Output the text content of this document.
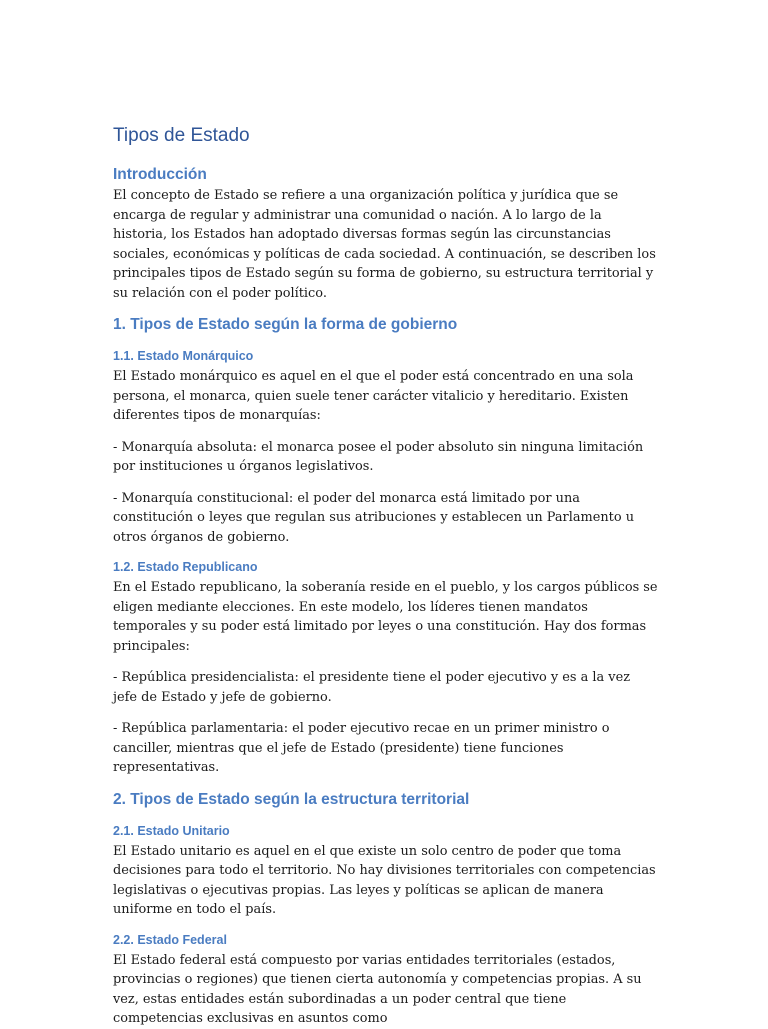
Tipos de Estado
Introducción

El concepto de Estado se refiere a una organización política y jurídica que se encarga de regular y administrar una comunidad o nación. A lo largo de la historia, los Estados han adoptado diversas formas según las circunstancias sociales, económicas y políticas de cada sociedad. A continuación, se describen los principales tipos de Estado según su forma de gobierno, su estructura territorial y su relación con el poder político.

1. Tipos de Estado según la forma de gobierno
1.1. Estado Monárquico

El Estado monárquico es aquel en el que el poder está concentrado en una sola persona, el monarca, quien suele tener carácter vitalicio y hereditario. Existen diferentes tipos de monarquías:

- Monarquía absoluta: el monarca posee el poder absoluto sin ninguna limitación por instituciones u órganos legislativos.

- Monarquía constitucional: el poder del monarca está limitado por una constitución o leyes que regulan sus atribuciones y establecen un Parlamento u otros órganos de gobierno.

1.2. Estado Republicano

En el Estado republicano, la soberanía reside en el pueblo, y los cargos públicos se eligen mediante elecciones. En este modelo, los líderes tienen mandatos temporales y su poder está limitado por leyes o una constitución. Hay dos formas principales:

- República presidencialista: el presidente tiene el poder ejecutivo y es a la vez jefe de Estado y jefe de gobierno.

- República parlamentaria: el poder ejecutivo recae en un primer ministro o canciller, mientras que el jefe de Estado (presidente) tiene funciones representativas.

2. Tipos de Estado según la estructura territorial
2.1. Estado Unitario

El Estado unitario es aquel en el que existe un solo centro de poder que toma decisiones para todo el territorio. No hay divisiones territoriales con competencias legislativas o ejecutivas propias. Las leyes y políticas se aplican de manera uniforme en todo el país.

2.2. Estado Federal

El Estado federal está compuesto por varias entidades territoriales (estados, provincias o regiones) que tienen cierta autonomía y competencias propias. A su vez, estas entidades están subordinadas a un poder central que tiene competencias exclusivas en asuntos como
